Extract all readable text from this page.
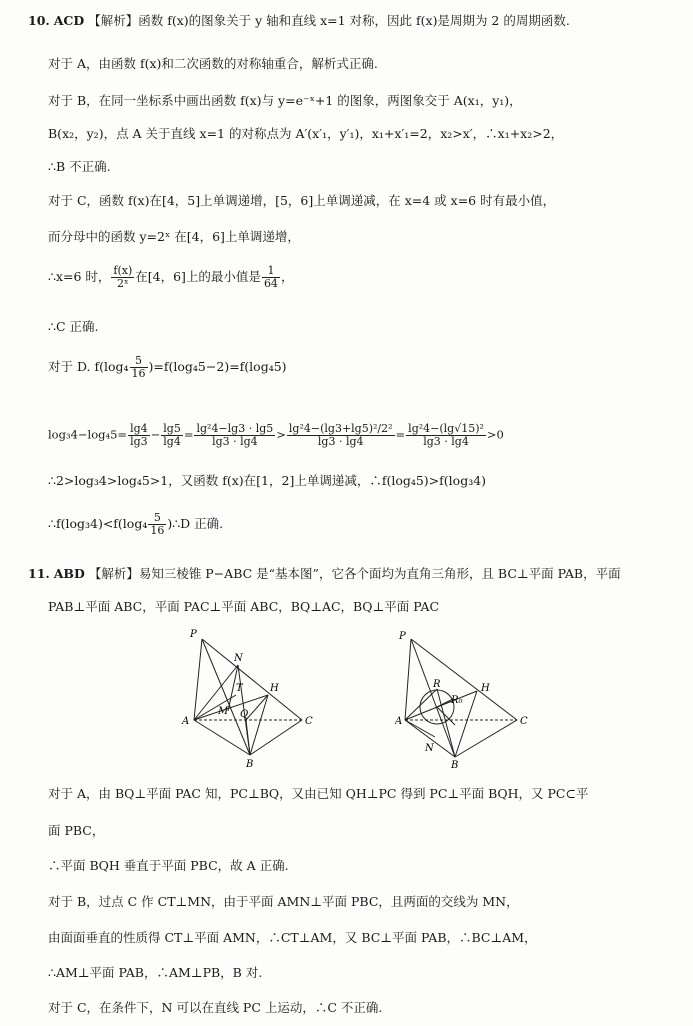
10. ACD 【解析】函数 f(x)的图象关于 y 轴和直线 x=1 对称，因此 f(x)是周期为 2 的周期函数.
对于 A，由函数 f(x)和二次函数的对称轴重合，解析式正确.
对于 B，在同一坐标系中画出函数 f(x)与 y=e⁻ˣ+1 的图象，两图象交于 A(x₁，y₁)，
B(x₂，y₂)，点 A 关于直线 x=1 的对称点为 A′(x′₁，y′₁)，x₁+x′₁=2，x₂>x′，∴x₁+x₂>2，
∴B 不正确.
对于 C，函数 f(x)在[4，5]上单调递增，[5，6]上单调递减，在 x=4 或 x=6 时有最小值，
而分母中的函数 y=2ˣ 在[4，6]上单调递增，
∴x=6 时， $\frac{f(x)}{\text{2ˣ}}$ 在[4，6]上的最小值是 $\frac{1}{64}$ ，
∴C 正确.
对于 D. $f(\log_4 \frac{5}{16} )=f(\log_45-2)=f(\log_45)$
$\log_34-\log_45= \frac{\lg 4}{\lg 3} - \frac{\lg 5}{\lg 4} = \frac{\text{lg²4−lg3 · lg5}}{\lg 3 \cdot \lg 4} > \frac{\text{lg²4−(lg3+lg5)²/2²}}{\lg 3 \cdot \lg 4} = \frac{\text{lg²4−(lg√15)²}}{\lg 3 \cdot \lg 4} >0$
∴2>log₃4>log₄5>1，又函数 f(x)在[1，2]上单调递减，∴f(log₄5)>f(log₃4)
∴f(log₃4)<f(log₄ $\frac{5}{16}$ )∴D 正确.
11. ABD 【解析】易知三棱锥 P−ABC 是“基本图”，它各个面均为直角三角形，且 BC⊥平面 PAB，平面
PAB⊥平面 ABC，平面 PAC⊥平面 ABC，BQ⊥AC，BQ⊥平面 PAC
P
N
T	H
M Q
A	C
B
P
R
R₀
H
A	C
N
B
对于 A，由 BQ⊥平面 PAC 知，PC⊥BQ，又由已知 QH⊥PC 得到 PC⊥平面 BQH，又 PC⊂平
面 PBC，
∴平面 BQH 垂直于平面 PBC，故 A 正确.
对于 B，过点 C 作 CT⊥MN，由于平面 AMN⊥平面 PBC，且两面的交线为 MN，
由面面垂直的性质得 CT⊥平面 AMN，∴CT⊥AM，又 BC⊥平面 PAB，∴BC⊥AM，
∴AM⊥平面 PAB，∴AM⊥PB，B 对.
对于 C，在条件下，N 可以在直线 PC 上运动，∴C 不正确.
